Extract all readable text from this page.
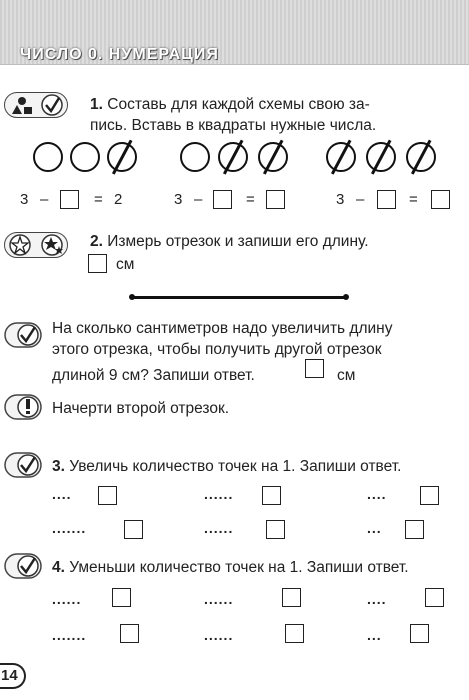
ЧИСЛО 0. НУМЕРАЦИЯ
1. Составь для каждой схемы свою за-
пись. Вставь в квадраты нужные числа.
3 –	= 2	3 –	=	3 –	=
2. Измерь отрезок и запиши его длину.
см
На сколько сантиметров надо увеличить длину
этого отрезка, чтобы получить другой отрезок
длиной 9 см? Запиши ответ.	см
Начерти второй отрезок.
3. Увеличь количество точек на 1. Запиши ответ.
....	......	....
.......	......	...
4. Уменьши количество точек на 1. Запиши ответ.
......	......	....
.......	......	...
14
